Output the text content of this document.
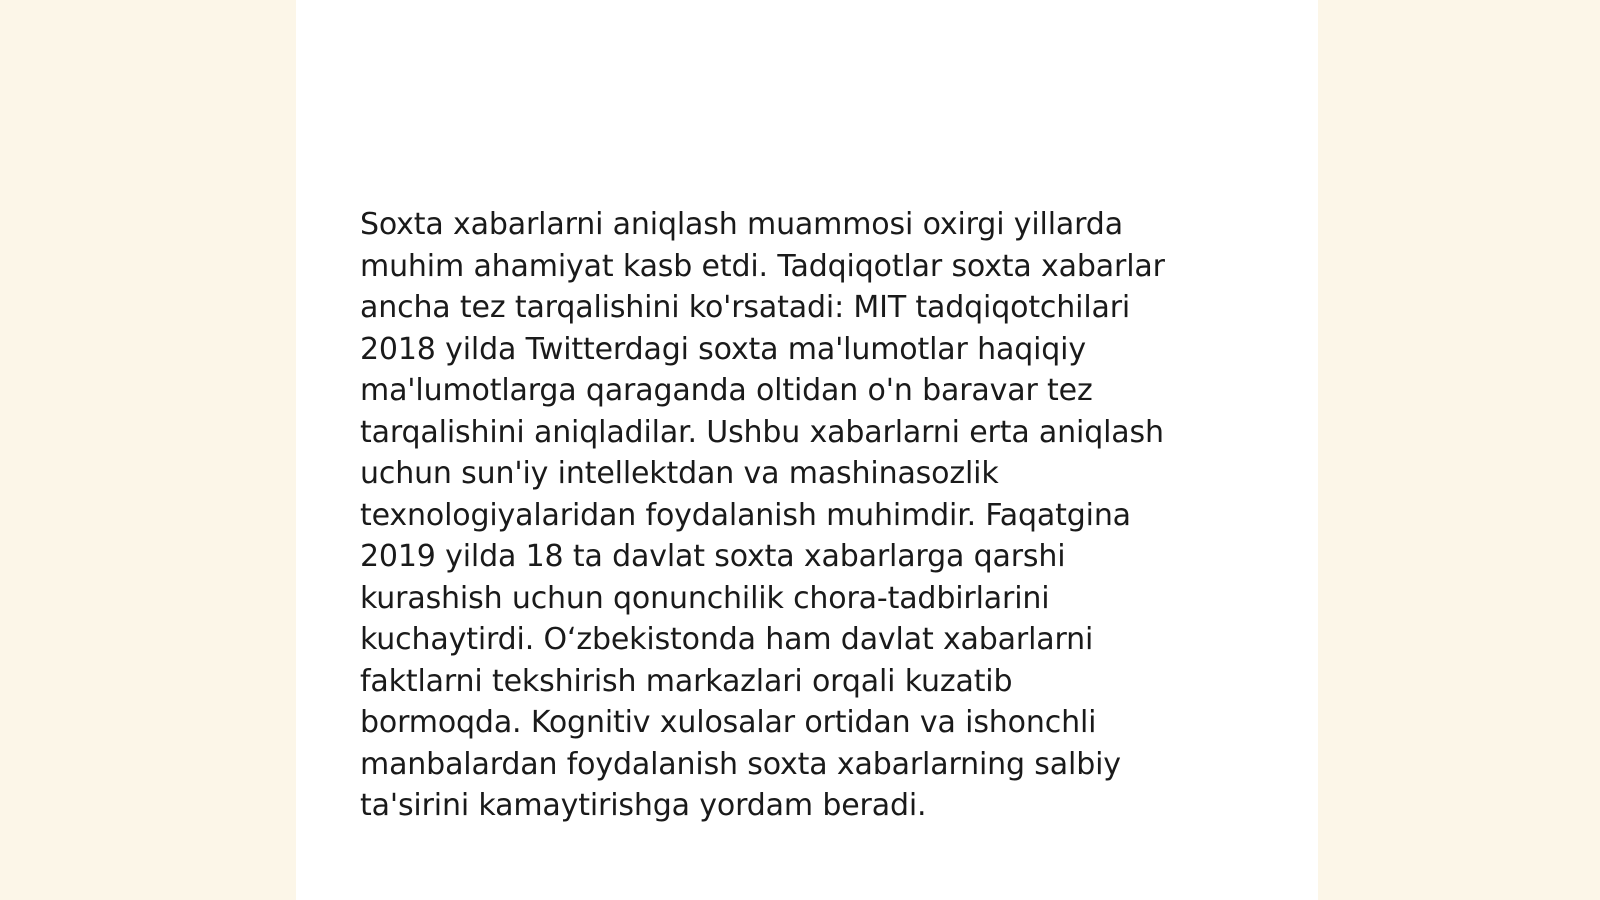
Soxta xabarlarni aniqlash muammosi oxirgi yillarda
muhim ahamiyat kasb etdi. Tadqiqotlar soxta xabarlar
ancha tez tarqalishini ko'rsatadi: MIT tadqiqotchilari
2018 yilda Twitterdagi soxta ma'lumotlar haqiqiy
ma'lumotlarga qaraganda oltidan o'n baravar tez
tarqalishini aniqladilar. Ushbu xabarlarni erta aniqlash
uchun sun'iy intellektdan va mashinasozlik
texnologiyalaridan foydalanish muhimdir. Faqatgina
2019 yilda 18 ta davlat soxta xabarlarga qarshi
kurashish uchun qonunchilik chora-tadbirlarini
kuchaytirdi. O‘zbekistonda ham davlat xabarlarni
faktlarni tekshirish markazlari orqali kuzatib
bormoqda. Kognitiv xulosalar ortidan va ishonchli
manbalardan foydalanish soxta xabarlarning salbiy
ta'sirini kamaytirishga yordam beradi.
